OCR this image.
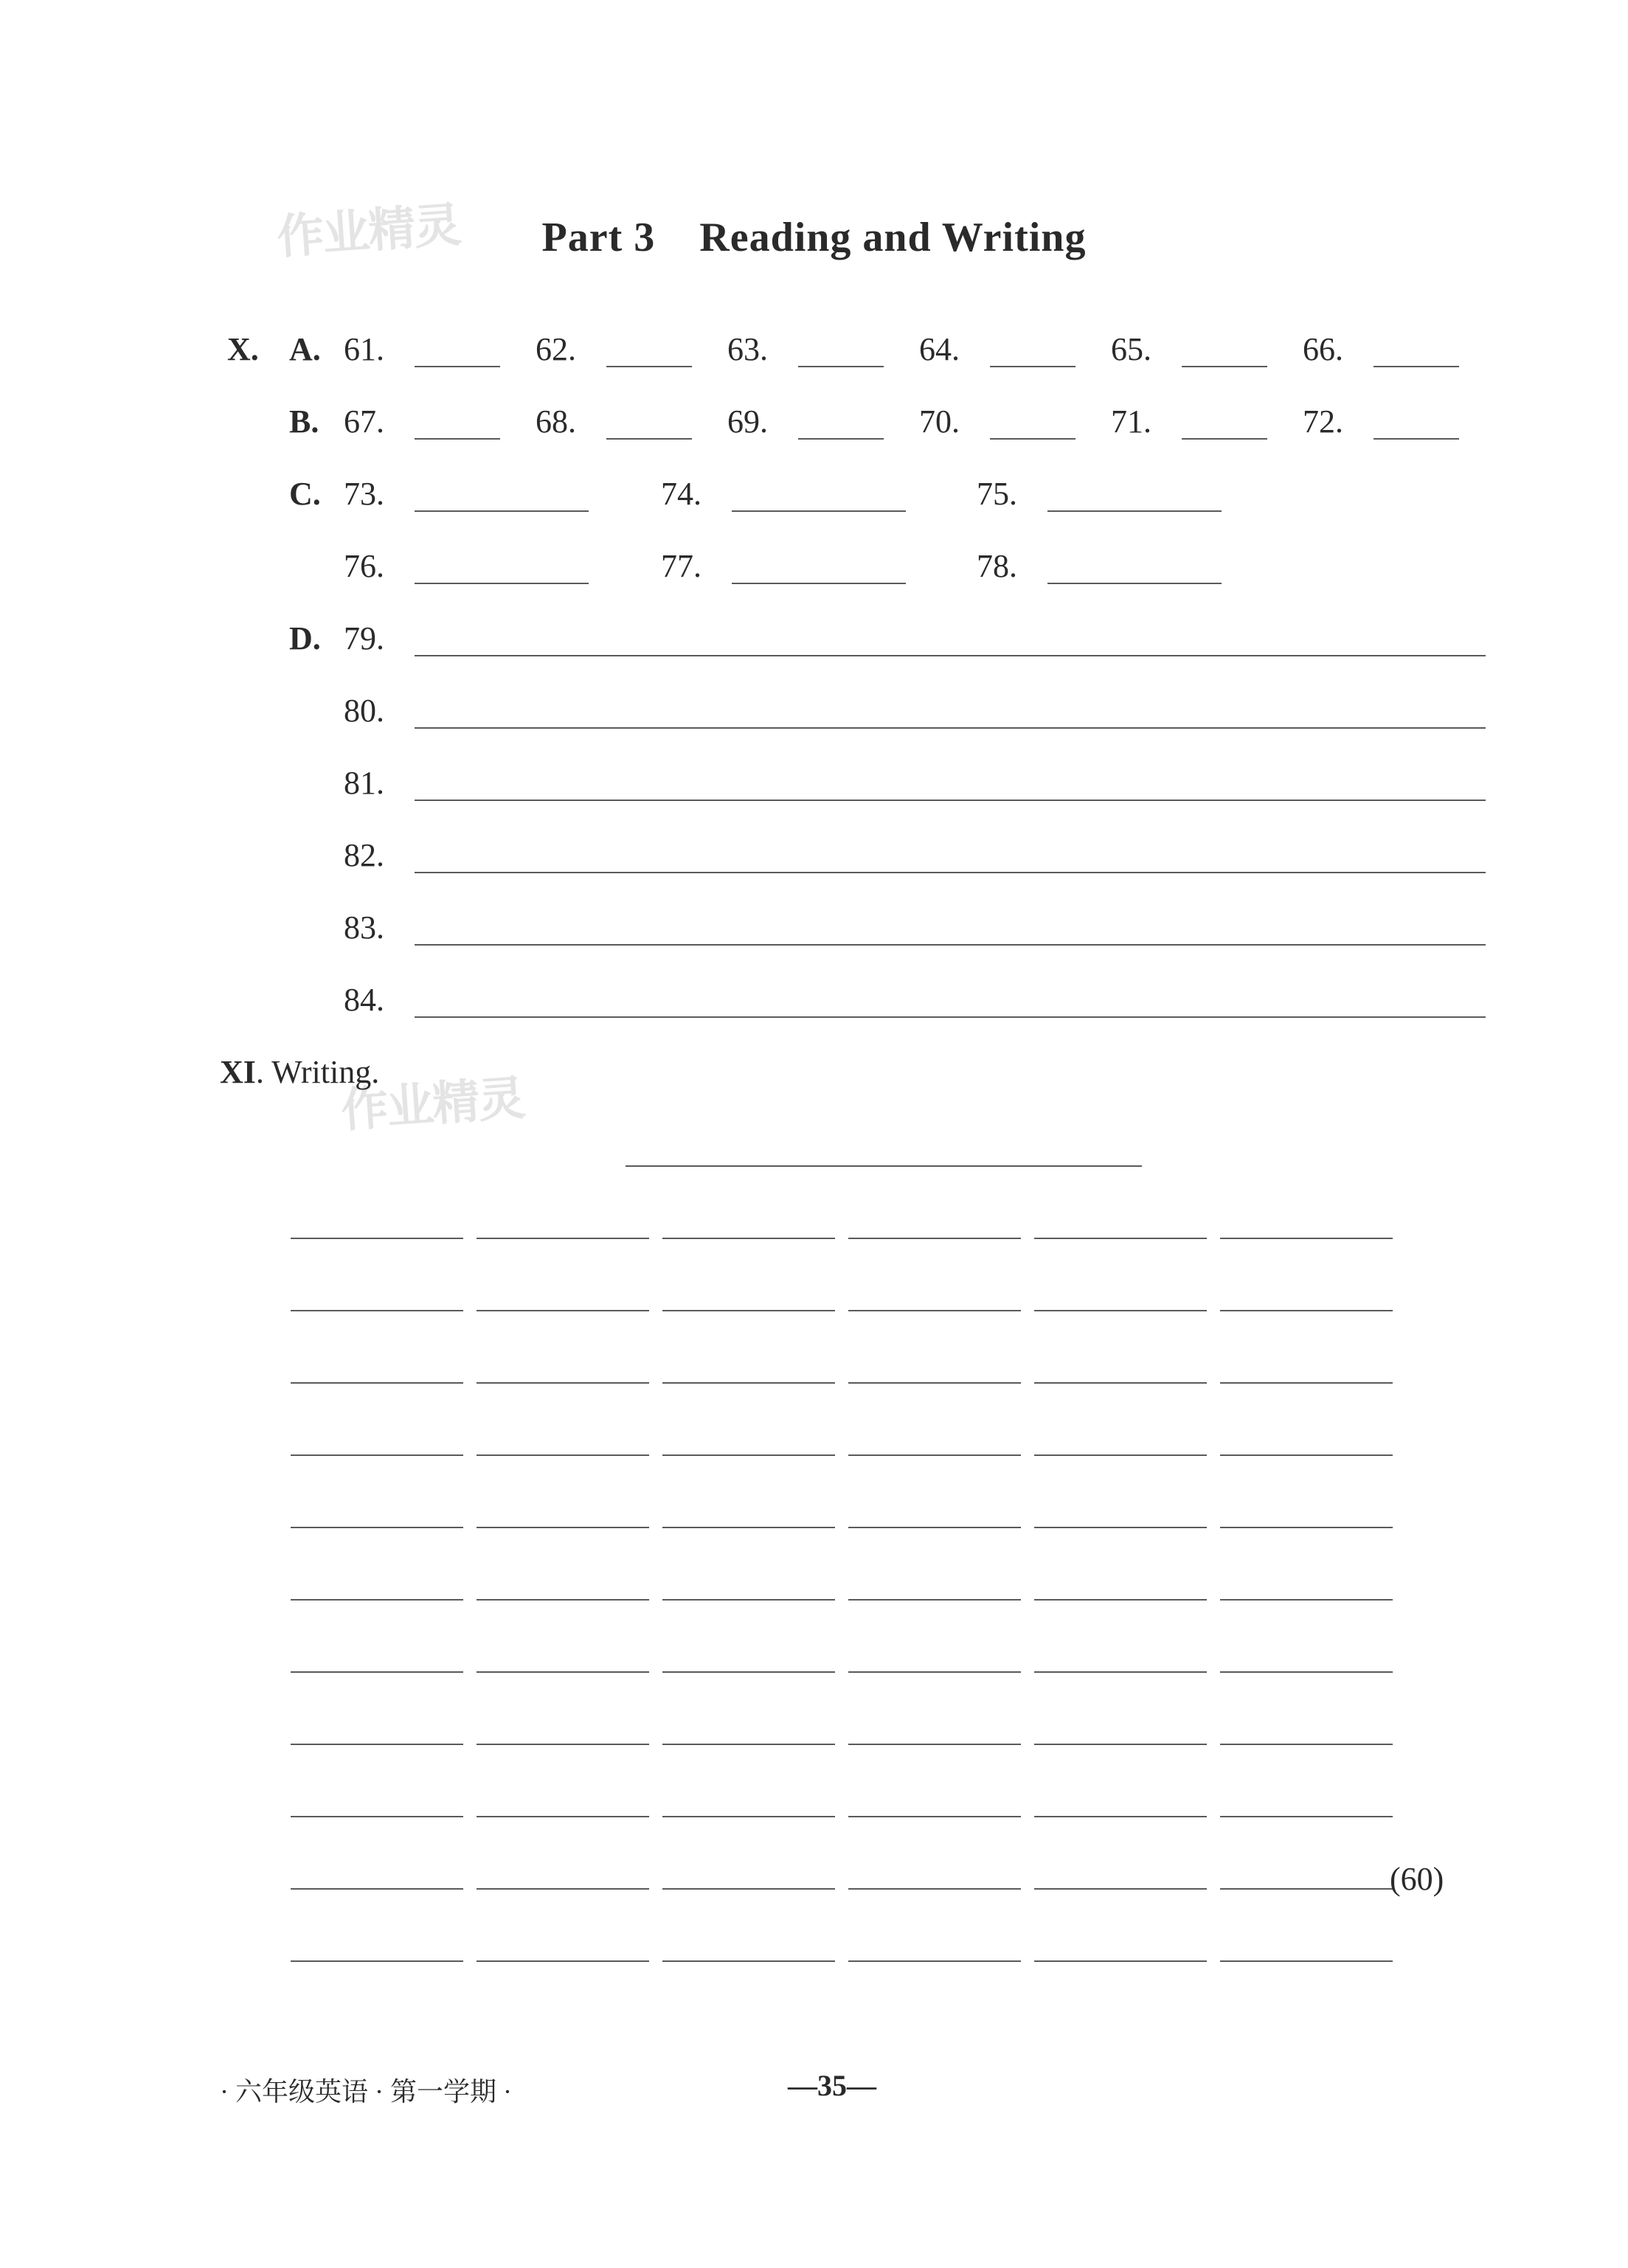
作业精灵
作业精灵
Part 3 Reading and Writing
X. A. 61.	62.	63.	64.	65.	66.
B. 67.	68.	69.	70.	71.	72.
C. 73.	74.	75.
76.	77.	78.
D. 79.
80.
81.
82.
83.
84.
XI. Writing.
(60)
· 六年级英语 · 第一学期 ·	—35—
